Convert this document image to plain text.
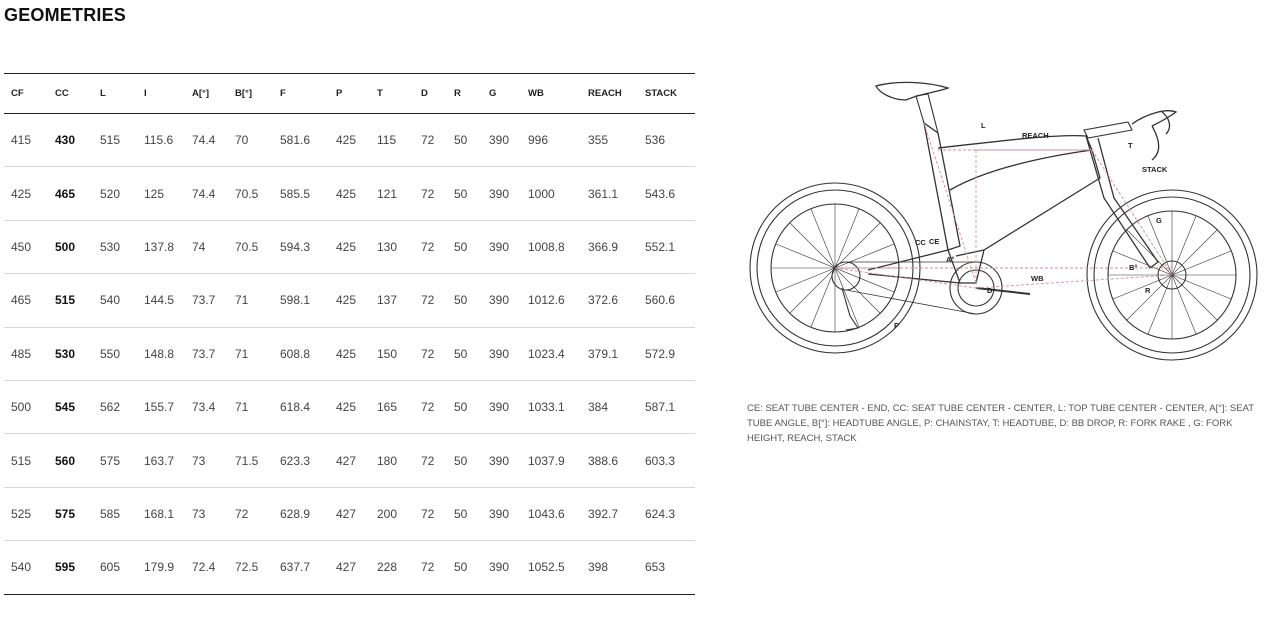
GEOMETRIES
CF	CC	L	I	A[°]	B[°]	F	P	T	D	R	G	WB	REACH	STACK
415	430	515	115.6	74.4	70	581.6	425	115	72	50	390	996	355	536
425	465	520	125	74.4	70.5	585.5	425	121	72	50	390	1000	361.1	543.6
450	500	530	137.8	74	70.5	594.3	425	130	72	50	390	1008.8	366.9	552.1
465	515	540	144.5	73.7	71	598.1	425	137	72	50	390	1012.6	372.6	560.6
485	530	550	148.8	73.7	71	608.8	425	150	72	50	390	1023.4	379.1	572.9
500	545	562	155.7	73.4	71	618.4	425	165	72	50	390	1033.1	384	587.1
515	560	575	163.7	73	71.5	623.3	427	180	72	50	390	1037.9	388.6	603.3
525	575	585	168.1	73	72	628.9	427	200	72	50	390	1043.6	392.7	624.3
540	595	605	179.9	72.4	72.5	637.7	427	228	72	50	390	1052.5	398	653
L
REACH
T
STACK
G
CC CE
A°
D
WB
P
B°
R

CE: SEAT TUBE CENTER - END, CC: SEAT TUBE CENTER - CENTER, L: TOP TUBE CENTER - CENTER, A[°]: SEAT TUBE ANGLE, B[°]: HEADTUBE ANGLE, P: CHAINSTAY, T: HEADTUBE, D: BB DROP, R: FORK RAKE , G: FORK HEIGHT, REACH, STACK
